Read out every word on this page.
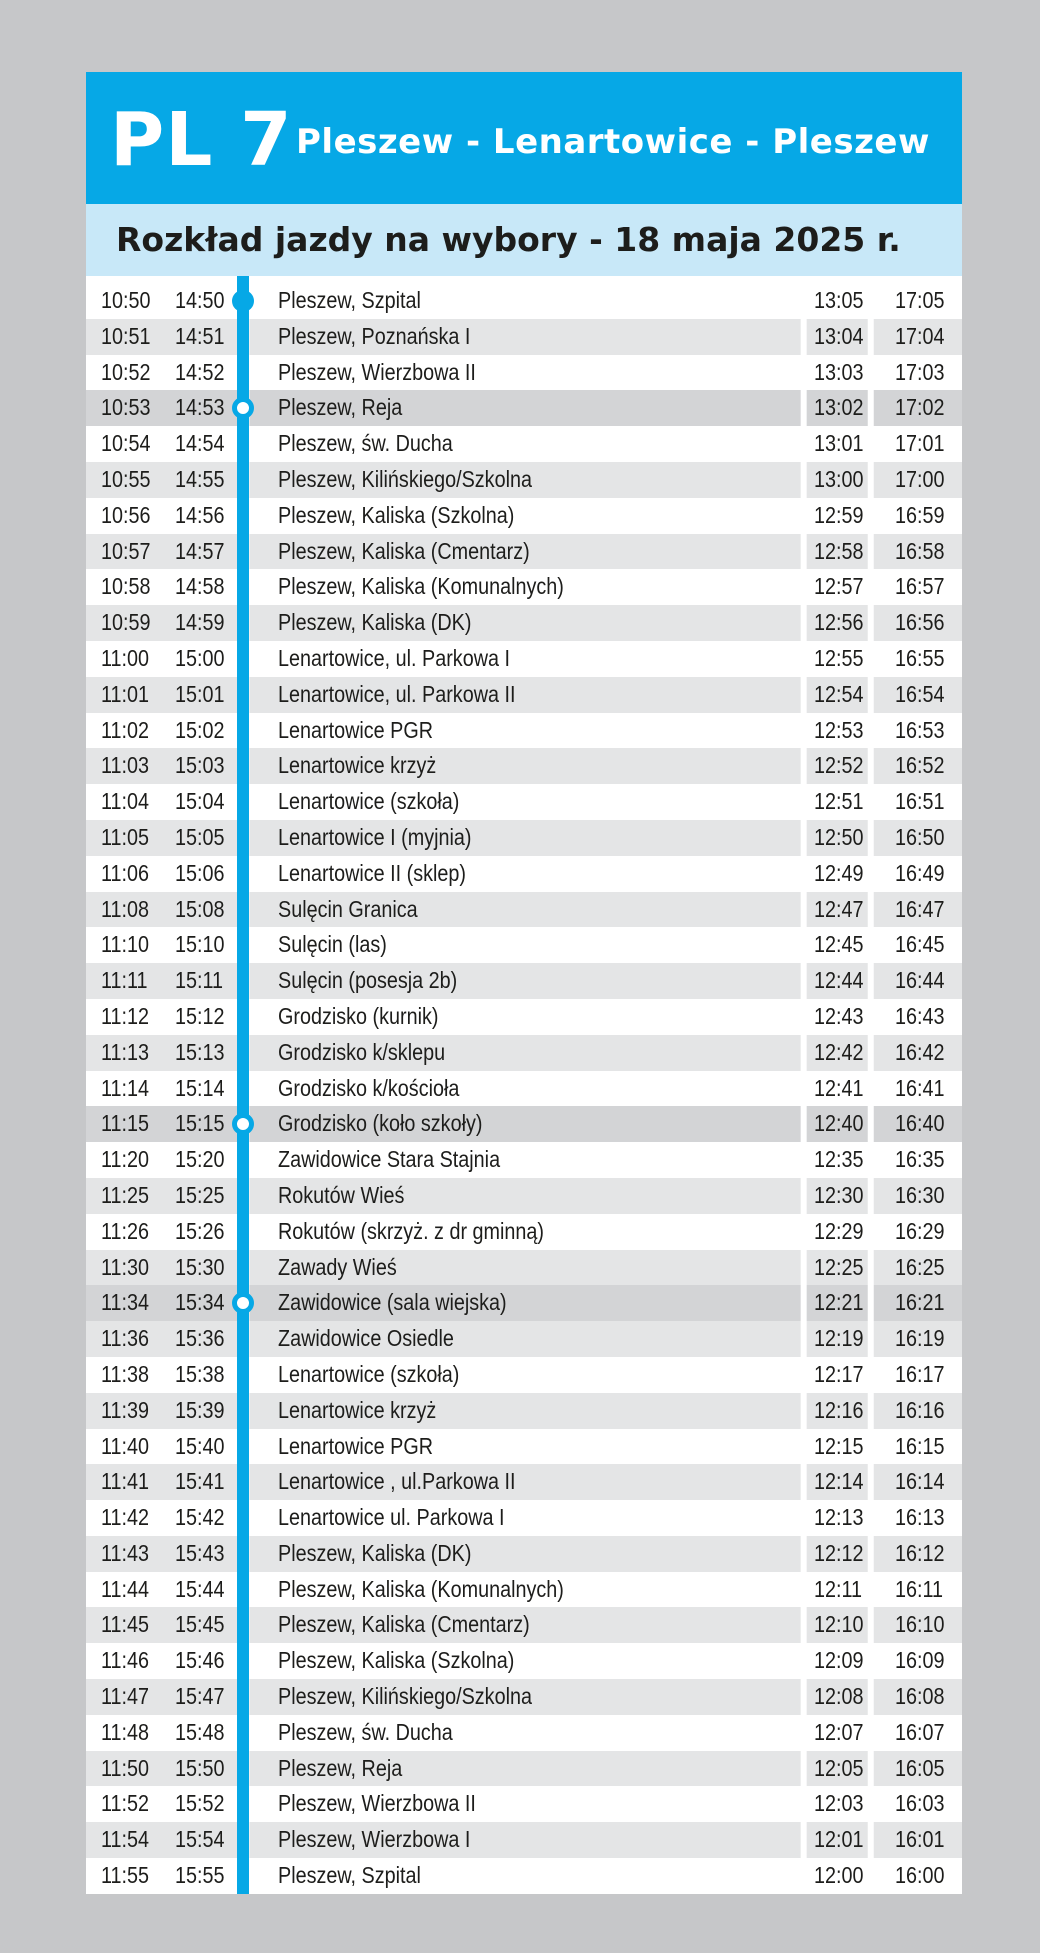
PL 7 Pleszew - Lenartowice - Pleszew
Rozkład jazdy na wybory - 18 maja 2025 r.
10:50 14:50 Pleszew, Szpital	13:05 17:05
10:51 14:51 Pleszew, Poznańska I	13:04 17:04
10:52 14:52 Pleszew, Wierzbowa II	13:03 17:03
10:53 14:53 Pleszew, Reja	13:02 17:02
10:54 14:54 Pleszew, św. Ducha	13:01 17:01
10:55 14:55 Pleszew, Kilińskiego/Szkolna	13:00 17:00
10:56 14:56 Pleszew, Kaliska (Szkolna)	12:59 16:59
10:57 14:57 Pleszew, Kaliska (Cmentarz)	12:58 16:58
10:58 14:58 Pleszew, Kaliska (Komunalnych)	12:57 16:57
10:59 14:59 Pleszew, Kaliska (DK)	12:56 16:56
11:00 15:00 Lenartowice, ul. Parkowa I	12:55 16:55
11:01 15:01 Lenartowice, ul. Parkowa II	12:54 16:54
11:02 15:02 Lenartowice PGR	12:53 16:53
11:03 15:03 Lenartowice krzyż	12:52 16:52
11:04 15:04 Lenartowice (szkoła)	12:51 16:51
11:05 15:05 Lenartowice I (myjnia)	12:50 16:50
11:06 15:06 Lenartowice II (sklep)	12:49 16:49
11:08 15:08 Sulęcin Granica	12:47 16:47
11:10 15:10 Sulęcin (las)	12:45 16:45
11:11 15:11 Sulęcin (posesja 2b)	12:44 16:44
11:12 15:12 Grodzisko (kurnik)	12:43 16:43
11:13 15:13 Grodzisko k/sklepu	12:42 16:42
11:14 15:14 Grodzisko k/kościoła	12:41 16:41
11:15 15:15 Grodzisko (koło szkoły)	12:40 16:40
11:20 15:20 Zawidowice Stara Stajnia	12:35 16:35
11:25 15:25 Rokutów Wieś	12:30 16:30
11:26 15:26 Rokutów (skrzyż. z dr gminną)	12:29 16:29
11:30 15:30 Zawady Wieś	12:25 16:25
11:34 15:34 Zawidowice (sala wiejska)	12:21 16:21
11:36 15:36 Zawidowice Osiedle	12:19 16:19
11:38 15:38 Lenartowice (szkoła)	12:17 16:17
11:39 15:39 Lenartowice krzyż	12:16 16:16
11:40 15:40 Lenartowice PGR	12:15 16:15
11:41 15:41 Lenartowice , ul.Parkowa II	12:14 16:14
11:42 15:42 Lenartowice ul. Parkowa I	12:13 16:13
11:43 15:43 Pleszew, Kaliska (DK)	12:12 16:12
11:44 15:44 Pleszew, Kaliska (Komunalnych)	12:11 16:11
11:45 15:45 Pleszew, Kaliska (Cmentarz)	12:10 16:10
11:46 15:46 Pleszew, Kaliska (Szkolna)	12:09 16:09
11:47 15:47 Pleszew, Kilińskiego/Szkolna	12:08 16:08
11:48 15:48 Pleszew, św. Ducha	12:07 16:07
11:50 15:50 Pleszew, Reja	12:05 16:05
11:52 15:52 Pleszew, Wierzbowa II	12:03 16:03
11:54 15:54 Pleszew, Wierzbowa I	12:01 16:01
11:55 15:55 Pleszew, Szpital	12:00 16:00
